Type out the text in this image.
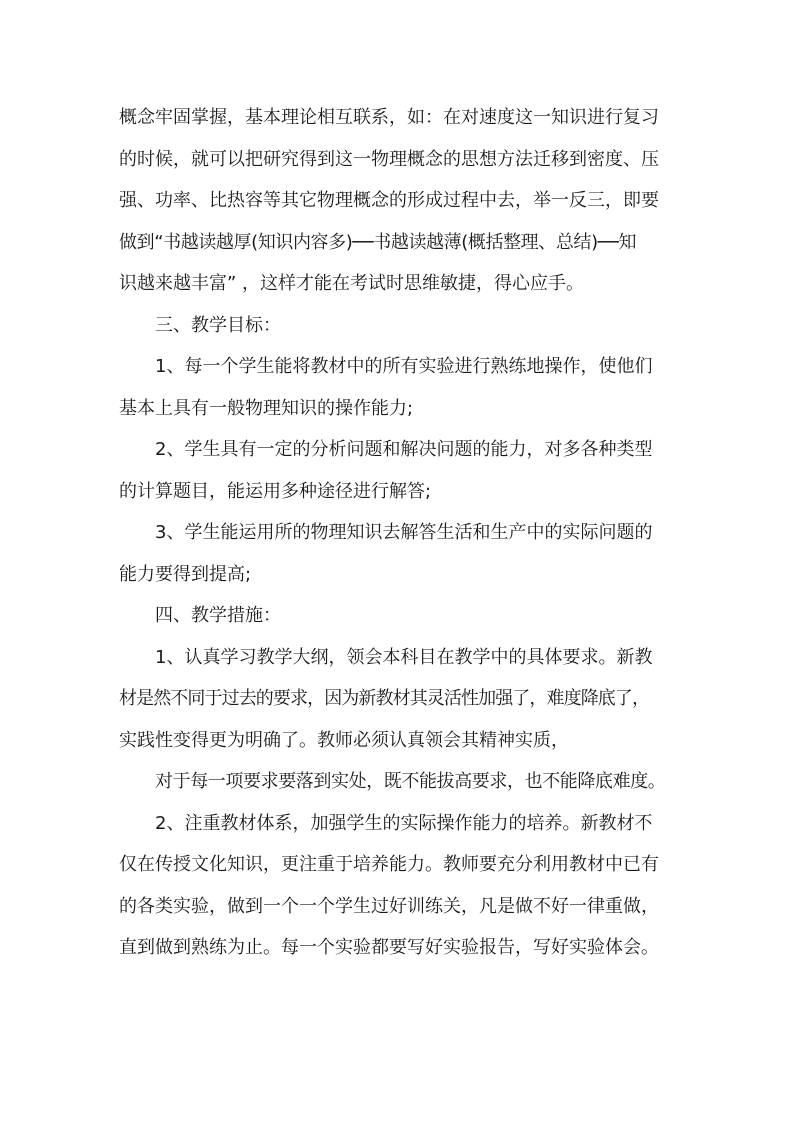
概念牢固掌握，基本理论相互联系，如：在对速度这一知识进行复习
的时候，就可以把研究得到这一物理概念的思想方法迁移到密度、压
强、功率、比热容等其它物理概念的形成过程中去，举一反三，即要
做到“书越读越厚(知识内容多)──书越读越薄(概括整理、总结)──知
识越来越丰富” ，这样才能在考试时思维敏捷，得心应手。
三、教学目标：
1、每一个学生能将教材中的所有实验进行熟练地操作，使他们
基本上具有一般物理知识的操作能力;
2、学生具有一定的分析问题和解决问题的能力，对多各种类型
的计算题目，能运用多种途径进行解答;
3、学生能运用所的物理知识去解答生活和生产中的实际问题的
能力要得到提高;
四、教学措施：
1、认真学习教学大纲，领会本科目在教学中的具体要求。新教
材是然不同于过去的要求，因为新教材其灵活性加强了，难度降底了，
实践性变得更为明确了。教师必须认真领会其精神实质，
对于每一项要求要落到实处，既不能拔高要求，也不能降底难度。
2、注重教材体系，加强学生的实际操作能力的培养。新教材不
仅在传授文化知识，更注重于培养能力。教师要充分利用教材中已有
的各类实验，做到一个一个学生过好训练关，凡是做不好一律重做，
直到做到熟练为止。每一个实验都要写好实验报告，写好实验体会。
